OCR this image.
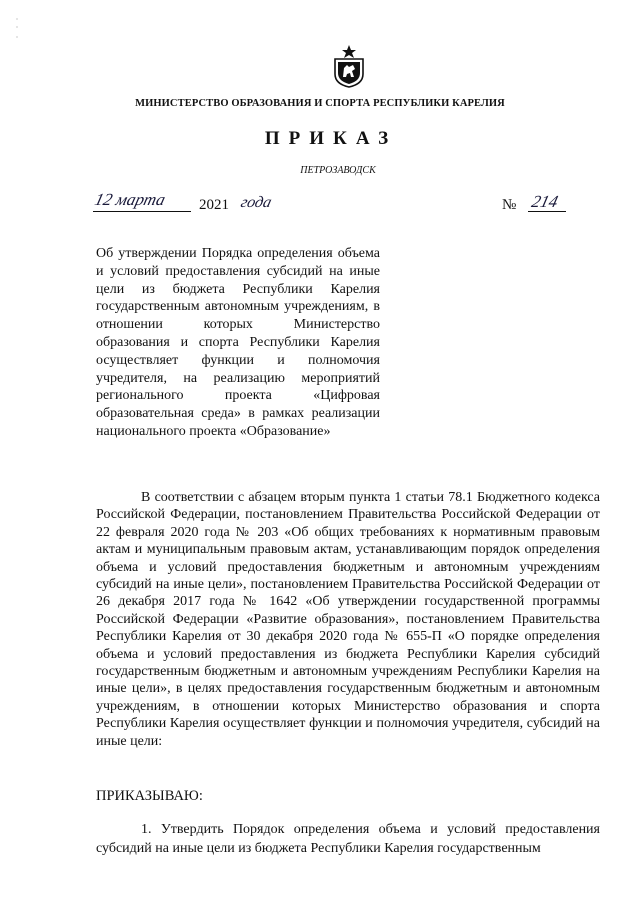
МИНИСТЕРСТВО ОБРАЗОВАНИЯ И СПОРТА РЕСПУБЛИКИ КАРЕЛИЯ
ПРИКАЗ
ПЕТРОЗАВОДСК
12 марта 2021 года	№ 214
Об утверждении Порядка определения объема и условий предоставления субсидий на иные цели из бюджета Республики Карелия государственным автономным учреждениям, в отношении которых Министерство образования и спорта Республики Карелия осуществляет функции и полномочия учредителя, на реализацию мероприятий регионального проекта «Цифровая образовательная среда» в рамках реализации национального проекта «Образование»
В соответствии с абзацем вторым пункта 1 статьи 78.1 Бюджетного кодекса Российской Федерации, постановлением Правительства Российской Федерации от 22 февраля 2020 года № 203 «Об общих требованиях к нормативным правовым актам и муниципальным правовым актам, устанавливающим порядок определения объема и условий предоставления бюджетным и автономным учреждениям субсидий на иные цели», постановлением Правительства Российской Федерации от 26 декабря 2017 года № 1642 «Об утверждении государственной программы Российской Федерации «Развитие образования», постановлением Правительства Республики Карелия от 30 декабря 2020 года № 655-П «О порядке определения объема и условий предоставления из бюджета Республики Карелия субсидий государственным бюджетным и автономным учреждениям Республики Карелия на иные цели», в целях предоставления государственным бюджетным и автономным учреждениям, в отношении которых Министерство образования и спорта Республики Карелия осуществляет функции и полномочия учредителя, субсидий на иные цели:
ПРИКАЗЫВАЮ:
1. Утвердить Порядок определения объема и условий предоставления субсидий на иные цели из бюджета Республики Карелия государственным
